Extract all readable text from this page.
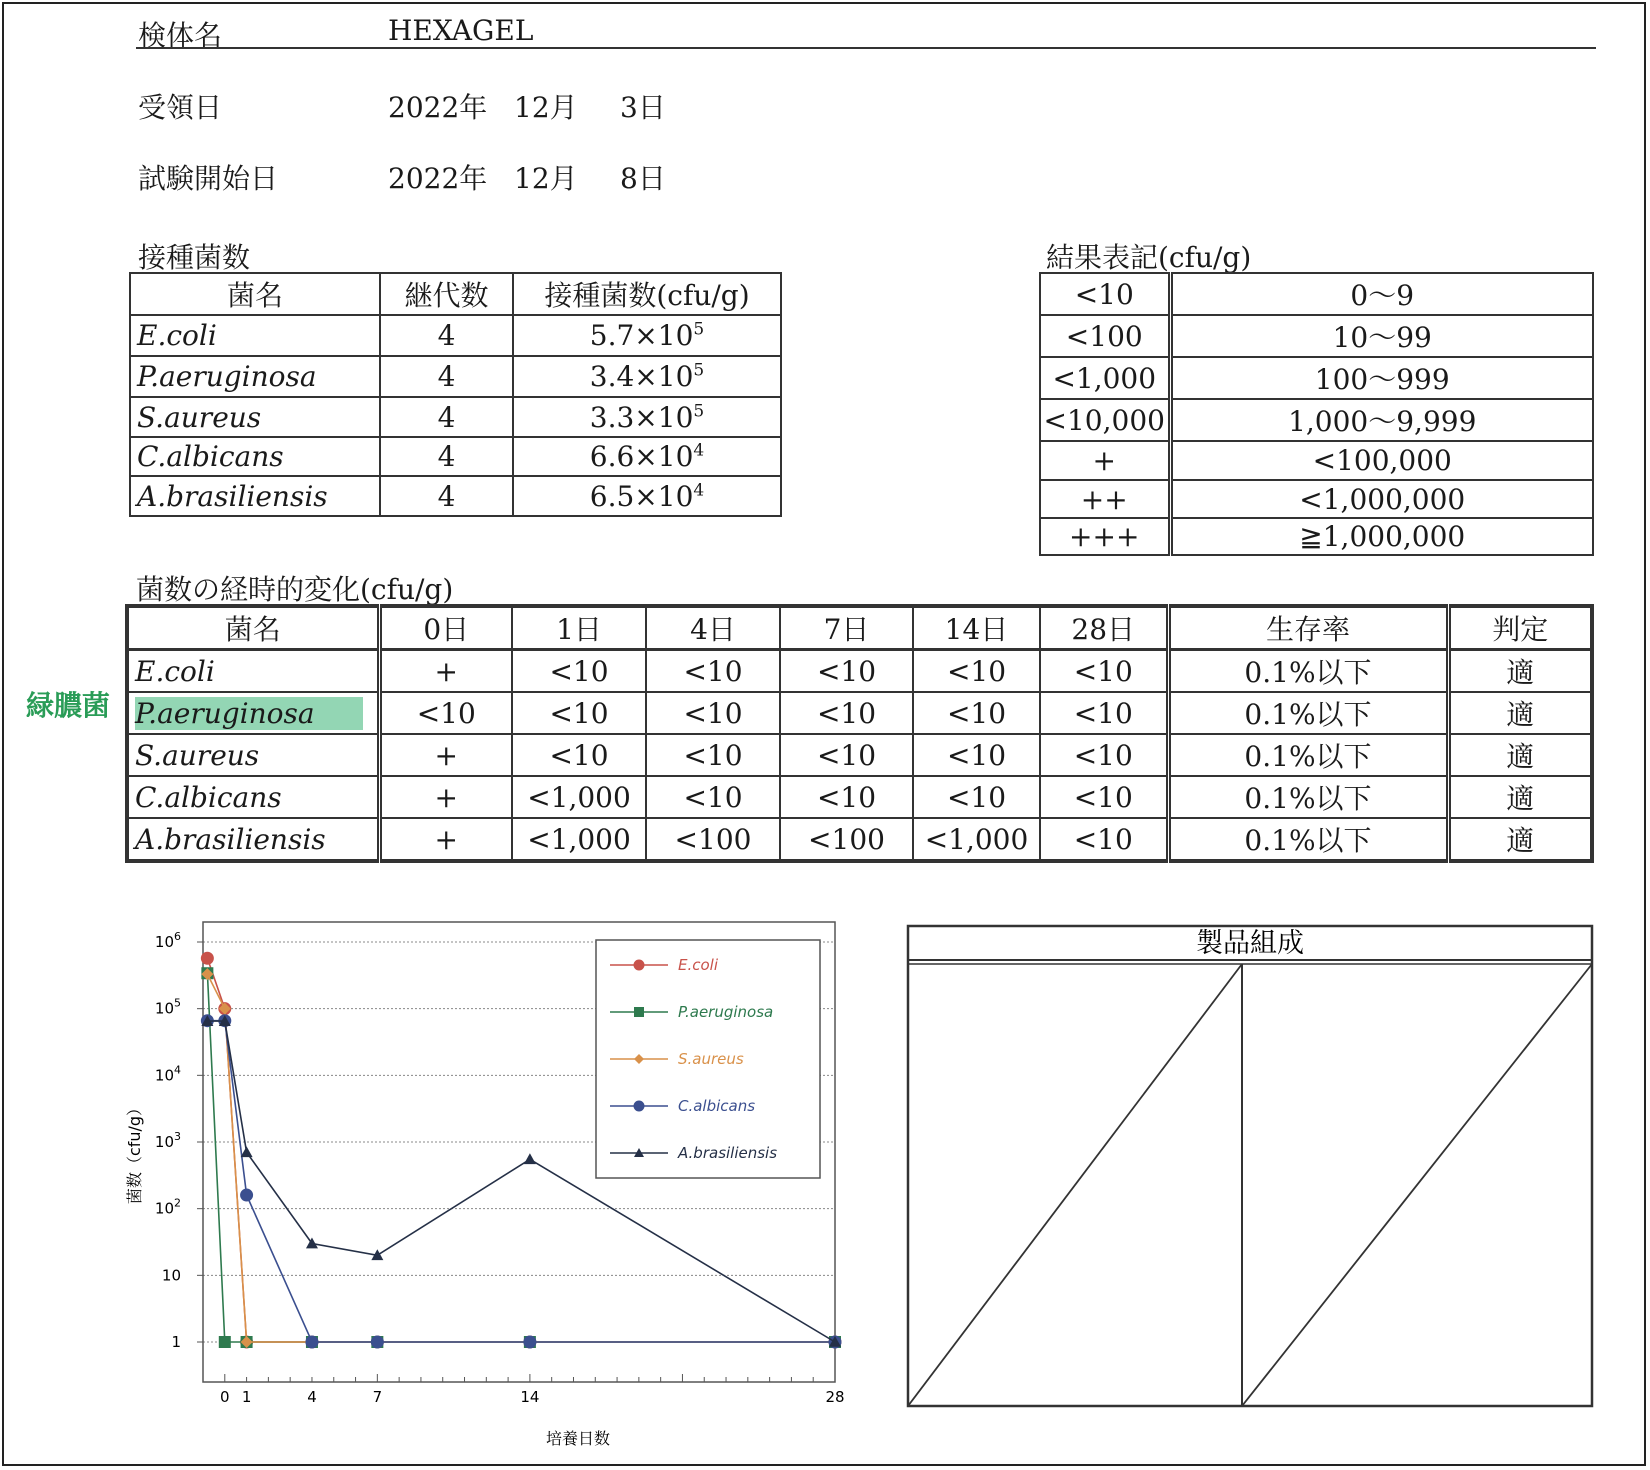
検体名	HEXAGEL
受領日	2022年 12月 3日
試験開始日	2022年 12月 8日
接種菌数
菌名	継代数	接種菌数(cfu/g)
E.coli	4	$5.7\times 10^5$
P.aeruginosa	4	$3.4\times 10^5$
S.aureus	4	$3.3\times 10^5$
C.albicans	4	$6.6\times 10^4$
A.brasiliensis	4	$6.5\times 10^4$
結果表記(cfu/g)
<10	0～9
<100	10～99
<1,000	100～999
<10,000	1,000～9,999
+	<100,000
++	<1,000,000
+++	≧1,000,000
菌数の経時的変化(cfu/g)
緑膿菌
菌名	0日	1日	4日	7日	14日	28日	生存率	判定
E.coli	+	<10	<10	<10	<10	<10	0.1%以下	適
P.aeruginosa	<10	<10	<10	<10	<10	<10	0.1%以下	適
S.aureus	+	<10	<10	<10	<10	<10	0.1%以下	適
C.albicans	+	<1,000	<10	<10	<10	<10	0.1%以下	適
A.brasiliensis	+	<1,000	<100	<100	<1,000	<10	0.1%以下	適
$10^6$
$10^5$
$10^4$
$10^3$
$10^2$
10
1
0 1	4	7	14	28
培養日数
菌数（cfu/g）
E.coli
P.aeruginosa
S.aureus
C.albicans
A.brasiliensis
製品組成
